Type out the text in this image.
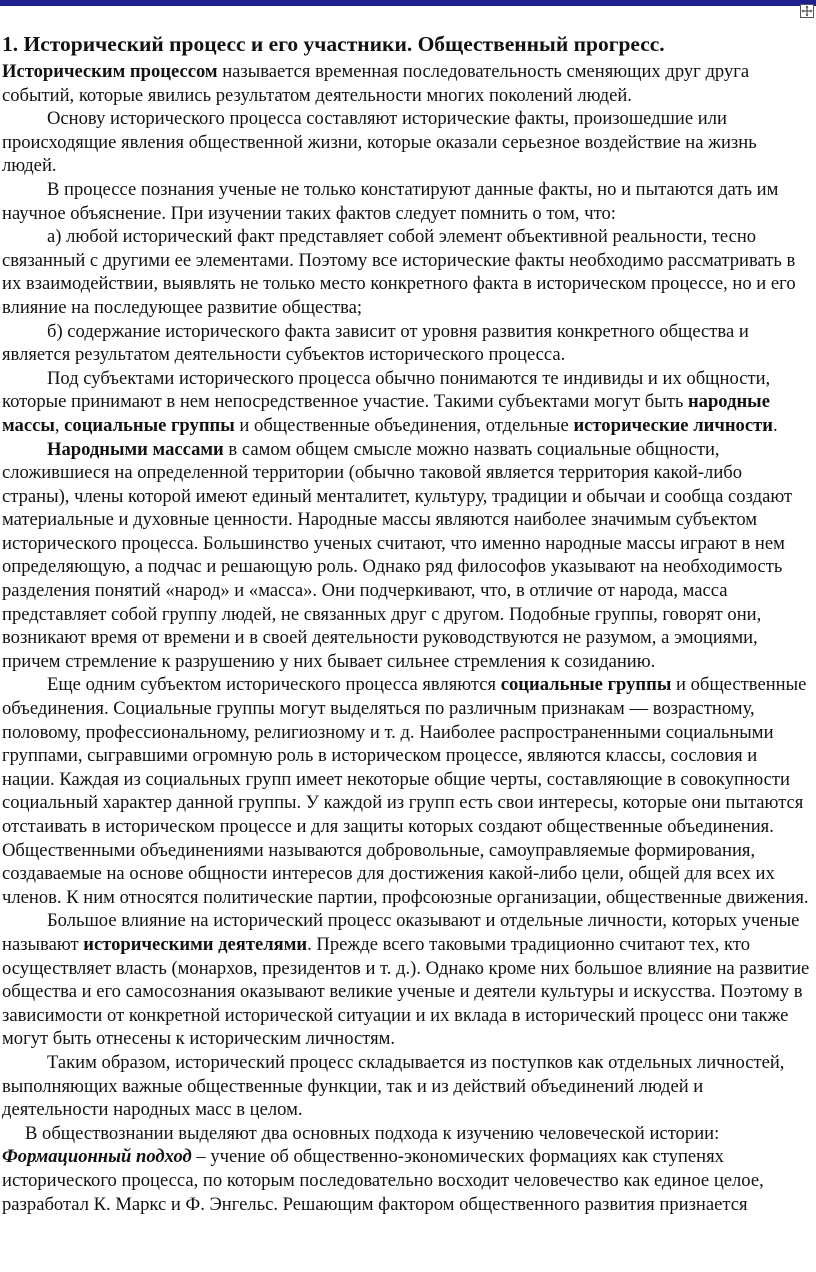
1. Исторический процесс и его участники. Общественный прогресс.

Историческим процессом называется временная последовательность сменяющих друг друга событий, которые явились результатом деятельности многих поколений людей.

Основу исторического процесса составляют исторические факты, произошедшие или происходящие явления общественной жизни, которые оказали серьезное воздействие на жизнь людей.

В процессе познания ученые не только констатируют данные факты, но и пытаются дать им научное объяснение. При изучении таких фактов следует помнить о том, что:

а) любой исторический факт представляет собой элемент объективной реальности, тесно связанный с другими ее элементами. Поэтому все исторические факты необходимо рассматривать в их взаимодействии, выявлять не только место конкретного факта в историческом процессе, но и его влияние на последующее развитие общества;

б) содержание исторического факта зависит от уровня развития конкретного общества и является результатом деятельности субъектов исторического процесса.

Под субъектами исторического процесса обычно понимаются те индивиды и их общности, которые принимают в нем непосредственное участие. Такими субъектами могут быть народные массы, социальные группы и общественные объединения, отдельные исторические личности.

Народными массами в самом общем смысле можно назвать социальные общности, сложившиеся на определенной территории (обычно таковой является территория какой-либо страны), члены которой имеют единый менталитет, культуру, традиции и обычаи и сообща создают материальные и духовные ценности. Народные массы являются наиболее значимым субъектом исторического процесса. Большинство ученых считают, что именно народные массы играют в нем определяющую, а подчас и решающую роль. Однако ряд философов указывают на необходимость разделения понятий «народ» и «масса». Они подчеркивают, что, в отличие от народа, масса представляет собой группу людей, не связанных друг с другом. Подобные группы, говорят они, возникают время от времени и в своей деятельности руководствуются не разумом, а эмоциями, причем стремление к разрушению у них бывает сильнее стремления к созиданию.

Еще одним субъектом исторического процесса являются социальные группы и общественные объединения. Социальные группы могут выделяться по различным признакам — возрастному, половому, профессиональному, религиозному и т. д. Наиболее распространенными социальными группами, сыгравшими огромную роль в историческом процессе, являются классы, сословия и нации. Каждая из социальных групп имеет некоторые общие черты, составляющие в совокупности социальный характер данной группы. У каждой из групп есть свои интересы, которые они пытаются отстаивать в историческом процессе и для защиты которых создают общественные объединения. Общественными объединениями называются добровольные, самоуправляемые формирования, создаваемые на основе общности интересов для достижения какой-либо цели, общей для всех их членов. К ним относятся политические партии, профсоюзные организации, общественные движения.

Большое влияние на исторический процесс оказывают и отдельные личности, которых ученые называют историческими деятелями. Прежде всего таковыми традиционно считают тех, кто осуществляет власть (монархов, президентов и т. д.). Однако кроме них большое влияние на развитие общества и его самосознания оказывают великие ученые и деятели культуры и искусства. Поэтому в зависимости от конкретной исторической ситуации и их вклада в исторический процесс они также могут быть отнесены к историческим личностям.

Таким образом, исторический процесс складывается из поступков как отдельных личностей, выполняющих важные общественные функции, так и из действий объединений людей и деятельности народных масс в целом.

В обществознании выделяют два основных подхода к изучению человеческой истории:

Формационный подход – учение об общественно-экономических формациях как ступенях исторического процесса, по которым последовательно восходит человечество как единое целое, разработал К. Маркс и Ф. Энгельс. Решающим фактором общественного развития признается
